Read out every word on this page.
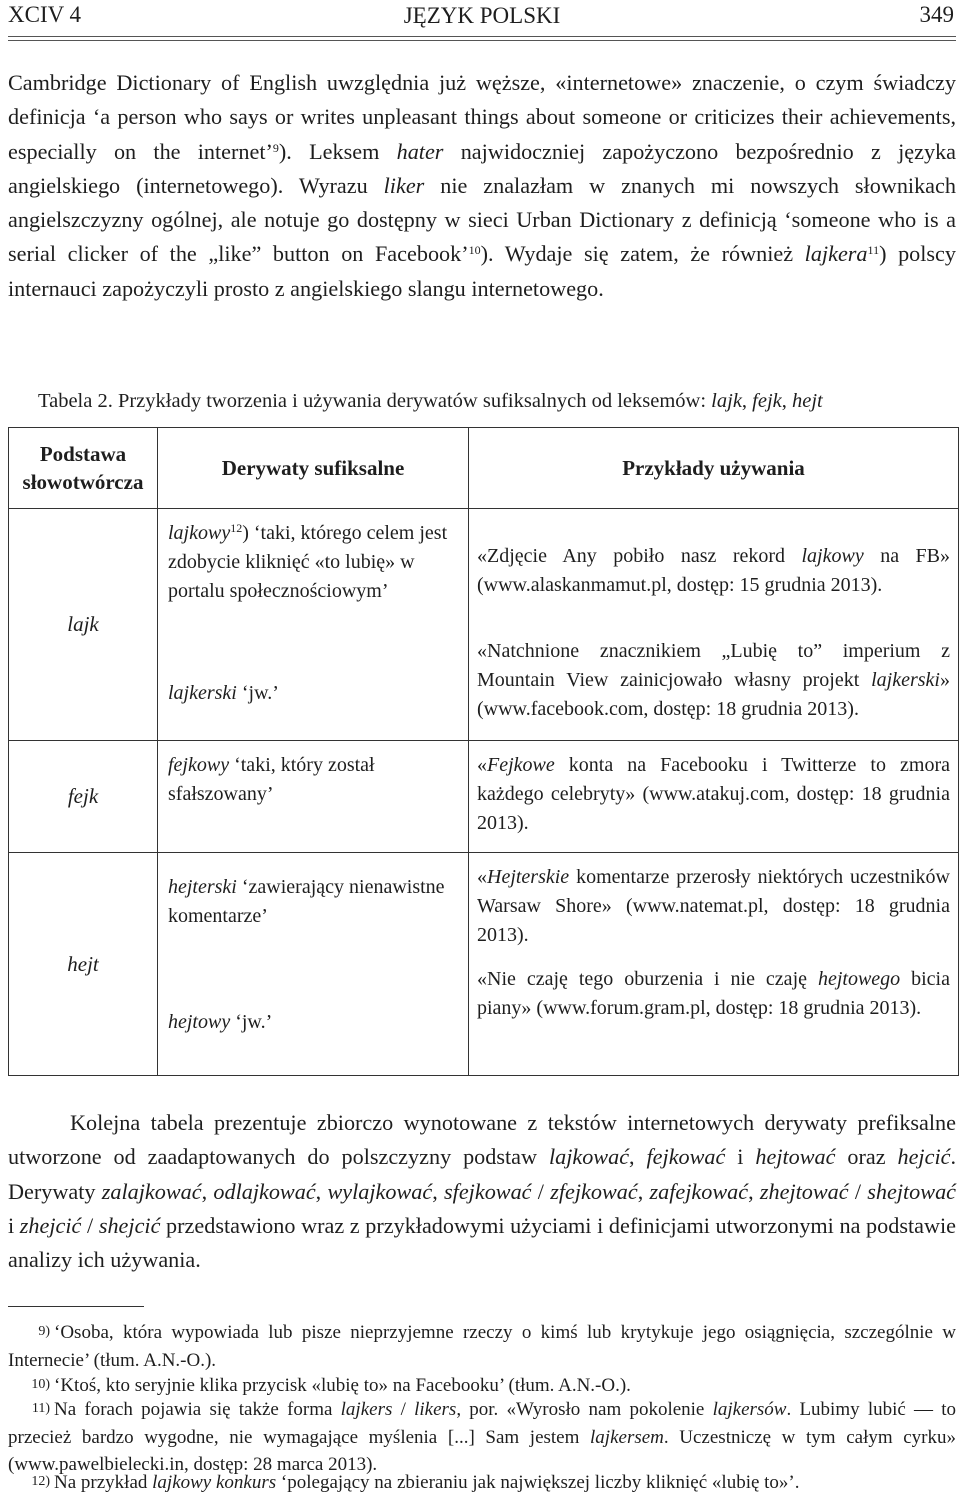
XCIV 4	JĘZYK POLSKI	349
Cambridge Dictionary of English uwzględnia już węższe, «internetowe» znaczenie, o czym świadczy definicja ‘a person who says or writes unpleasant things about someone or criticizes their achievements, especially on the internet’$^9$). Leksem hater najwidoczniej zapożyczono bezpośrednio z języka angielskiego (internetowego). Wyrazu liker nie znalazłam w znanych mi nowszych słownikach angielszczyzny ogólnej, ale notuje go dostępny w sieci Urban Dictionary z definicją ‘someone who is a serial clicker of the „like” button on Facebook’$^{10}$). Wydaje się zatem, że również lajkera$^{11}$) polscy internauci zapożyczyli prosto z angielskiego slangu internetowego.
Tabela 2. Przykłady tworzenia i używania derywatów sufiksalnych od leksemów: lajk, fejk, hejt
Podstawa słowotwórcza	Derywaty sufiksalne	Przykłady używania
lajk	lajkowy$^{12}$) ‘taki, którego celem jest zdobycie kliknięć «to lubię» w portalu społecznościowym’	«Zdjęcie Any pobiło nasz rekord lajkowy na FB» (www.alaskanmamut.pl, dostęp: 15 grudnia 2013).
	lajkerski ‘jw.’	«Natchnione znacznikiem „Lubię to” imperium z Mountain View zainicjowało własny projekt lajkerski» (www.facebook.com, dostęp: 18 grudnia 2013).
fejk	fejkowy ‘taki, który został sfałszowany’	«Fejkowe konta na Facebooku i Twitterze to zmora każdego celebryty» (www.atakuj.com, dostęp: 18 grudnia 2013).
hejt	hejterski ‘zawierający nienawistne komentarze’	«Hejterskie komentarze przerosły niektórych uczestników Warsaw Shore» (www.natemat.pl, dostęp: 18 grudnia 2013).
	hejtowy ‘jw.’	«Nie czaję tego oburzenia i nie czaję hejtowego bicia piany» (www.forum.gram.pl, dostęp: 18 grudnia 2013).
Kolejna tabela prezentuje zbiorczo wynotowane z tekstów internetowych derywaty prefiksalne utworzone od zaadaptowanych do polszczyzny podstaw lajkować, fejkować i hejtować oraz hejcić. Derywaty zalajkować, odlajkować, wylajkować, sfejkować / zfejkować, zafejkować, zhejtować / shejtować i zhejcić / shejcić przedstawiono wraz z przykładowymi użyciami i definicjami utworzonymi na podstawie analizy ich używania.
9) ‘Osoba, która wypowiada lub pisze nieprzyjemne rzeczy o kimś lub krytykuje jego osiągnięcia, szczególnie w Internecie’ (tłum. A.N.-O.).
10) ‘Ktoś, kto seryjnie klika przycisk «lubię to» na Facebooku’ (tłum. A.N.-O.).
11) Na forach pojawia się także forma lajkers / likers, por. «Wyrosło nam pokolenie lajkersów. Lubimy lubić — to przecież bardzo wygodne, nie wymagające myślenia [...] Sam jestem lajkersem. Uczestniczę w tym całym cyrku» (www.pawelbielecki.in, dostęp: 28 marca 2013).
12) Na przykład lajkowy konkurs ‘polegający na zbieraniu jak największej liczby kliknięć «lubię to»’.
